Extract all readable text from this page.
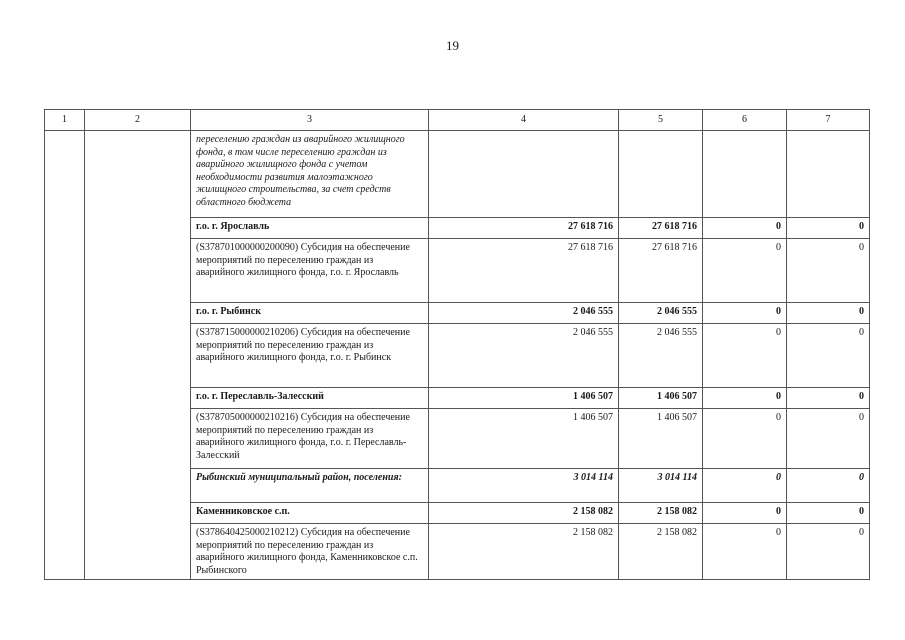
19
1	2	3	4	5	6	7
		переселению граждан из аварийного жилищного фонда, в том числе переселению граждан из аварийного жилищного фонда с учетом необходимости развития малоэтажного жилищного строительства, за счет средств областного бюджета				
		г.о. г. Ярославль	27 618 716	27 618 716	0	0
		(S378701000000200090) Субсидия на обеспечение мероприятий по переселению граждан из аварийного жилищного фонда, г.о. г. Ярославль	27 618 716	27 618 716	0	0
		г.о. г. Рыбинск	2 046 555	2 046 555	0	0
		(S378715000000210206) Субсидия на обеспечение мероприятий по переселению граждан из аварийного жилищного фонда, г.о. г. Рыбинск	2 046 555	2 046 555	0	0
		г.о. г. Переславль-Залесский	1 406 507	1 406 507	0	0
		(S378705000000210216) Субсидия на обеспечение мероприятий по переселению граждан из аварийного жилищного фонда, г.о. г. Переславль-Залесский	1 406 507	1 406 507	0	0
		Рыбинский муниципальный район, поселения:	3 014 114	3 014 114	0	0
		Каменниковское с.п.	2 158 082	2 158 082	0	0
		(S378640425000210212) Субсидия на обеспечение мероприятий по переселению граждан из аварийного жилищного фонда, Каменниковское с.п. Рыбинского	2 158 082	2 158 082	0	0
